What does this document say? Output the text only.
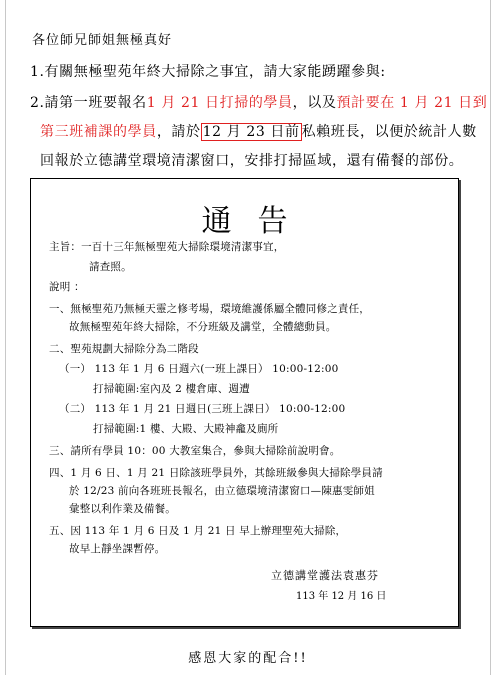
各位師兄師姐無極真好
1.有關無極聖苑年終大掃除之事宜，請大家能踴躍參與:
2.請第一班要報名1 月 21 日打掃的學員，以及預計要在 1 月 21 日到
第三班補課的學員，請於 12 月 23 日前 私賴班長，以便於統計人數
回報於立德講堂環境清潔窗口，安排打掃區域，還有備餐的部份。
通告
主旨：一百十三年無極聖苑大掃除環境清潔事宜，
請查照。
說明 ：
一、無極聖苑乃無極天靈之修考場，環境維護係屬全體同修之責任，
故無極聖苑年終大掃除，不分班級及講堂，全體總動員。
二、聖苑規劃大掃除分為二階段
（一） 113 年 1 月 6 日週六(一班上課日） 10:00-12:00
打掃範圍:室內及 2 樓倉庫、週遭
（二） 113 年 1 月 21 日週日(三班上課日） 10:00-12:00
打掃範圍:1 樓、大殿、大殿神龕及廁所
三、請所有學員 10：00 大教室集合，參與大掃除前說明會。
四、1 月 6 日、1 月 21 日除該班學員外，其餘班級參與大掃除學員請
於 12/23 前向各班班長報名，由立德環境清潔窗口—陳惠雯師姐
彙整以利作業及備餐。
五、因 113 年 1 月 6 日及 1 月 21 日 早上辦理聖苑大掃除，
故早上靜坐課暫停。
立德講堂護法袁惠芬
113 年 12 月 16 日
感恩大家的配合!!
